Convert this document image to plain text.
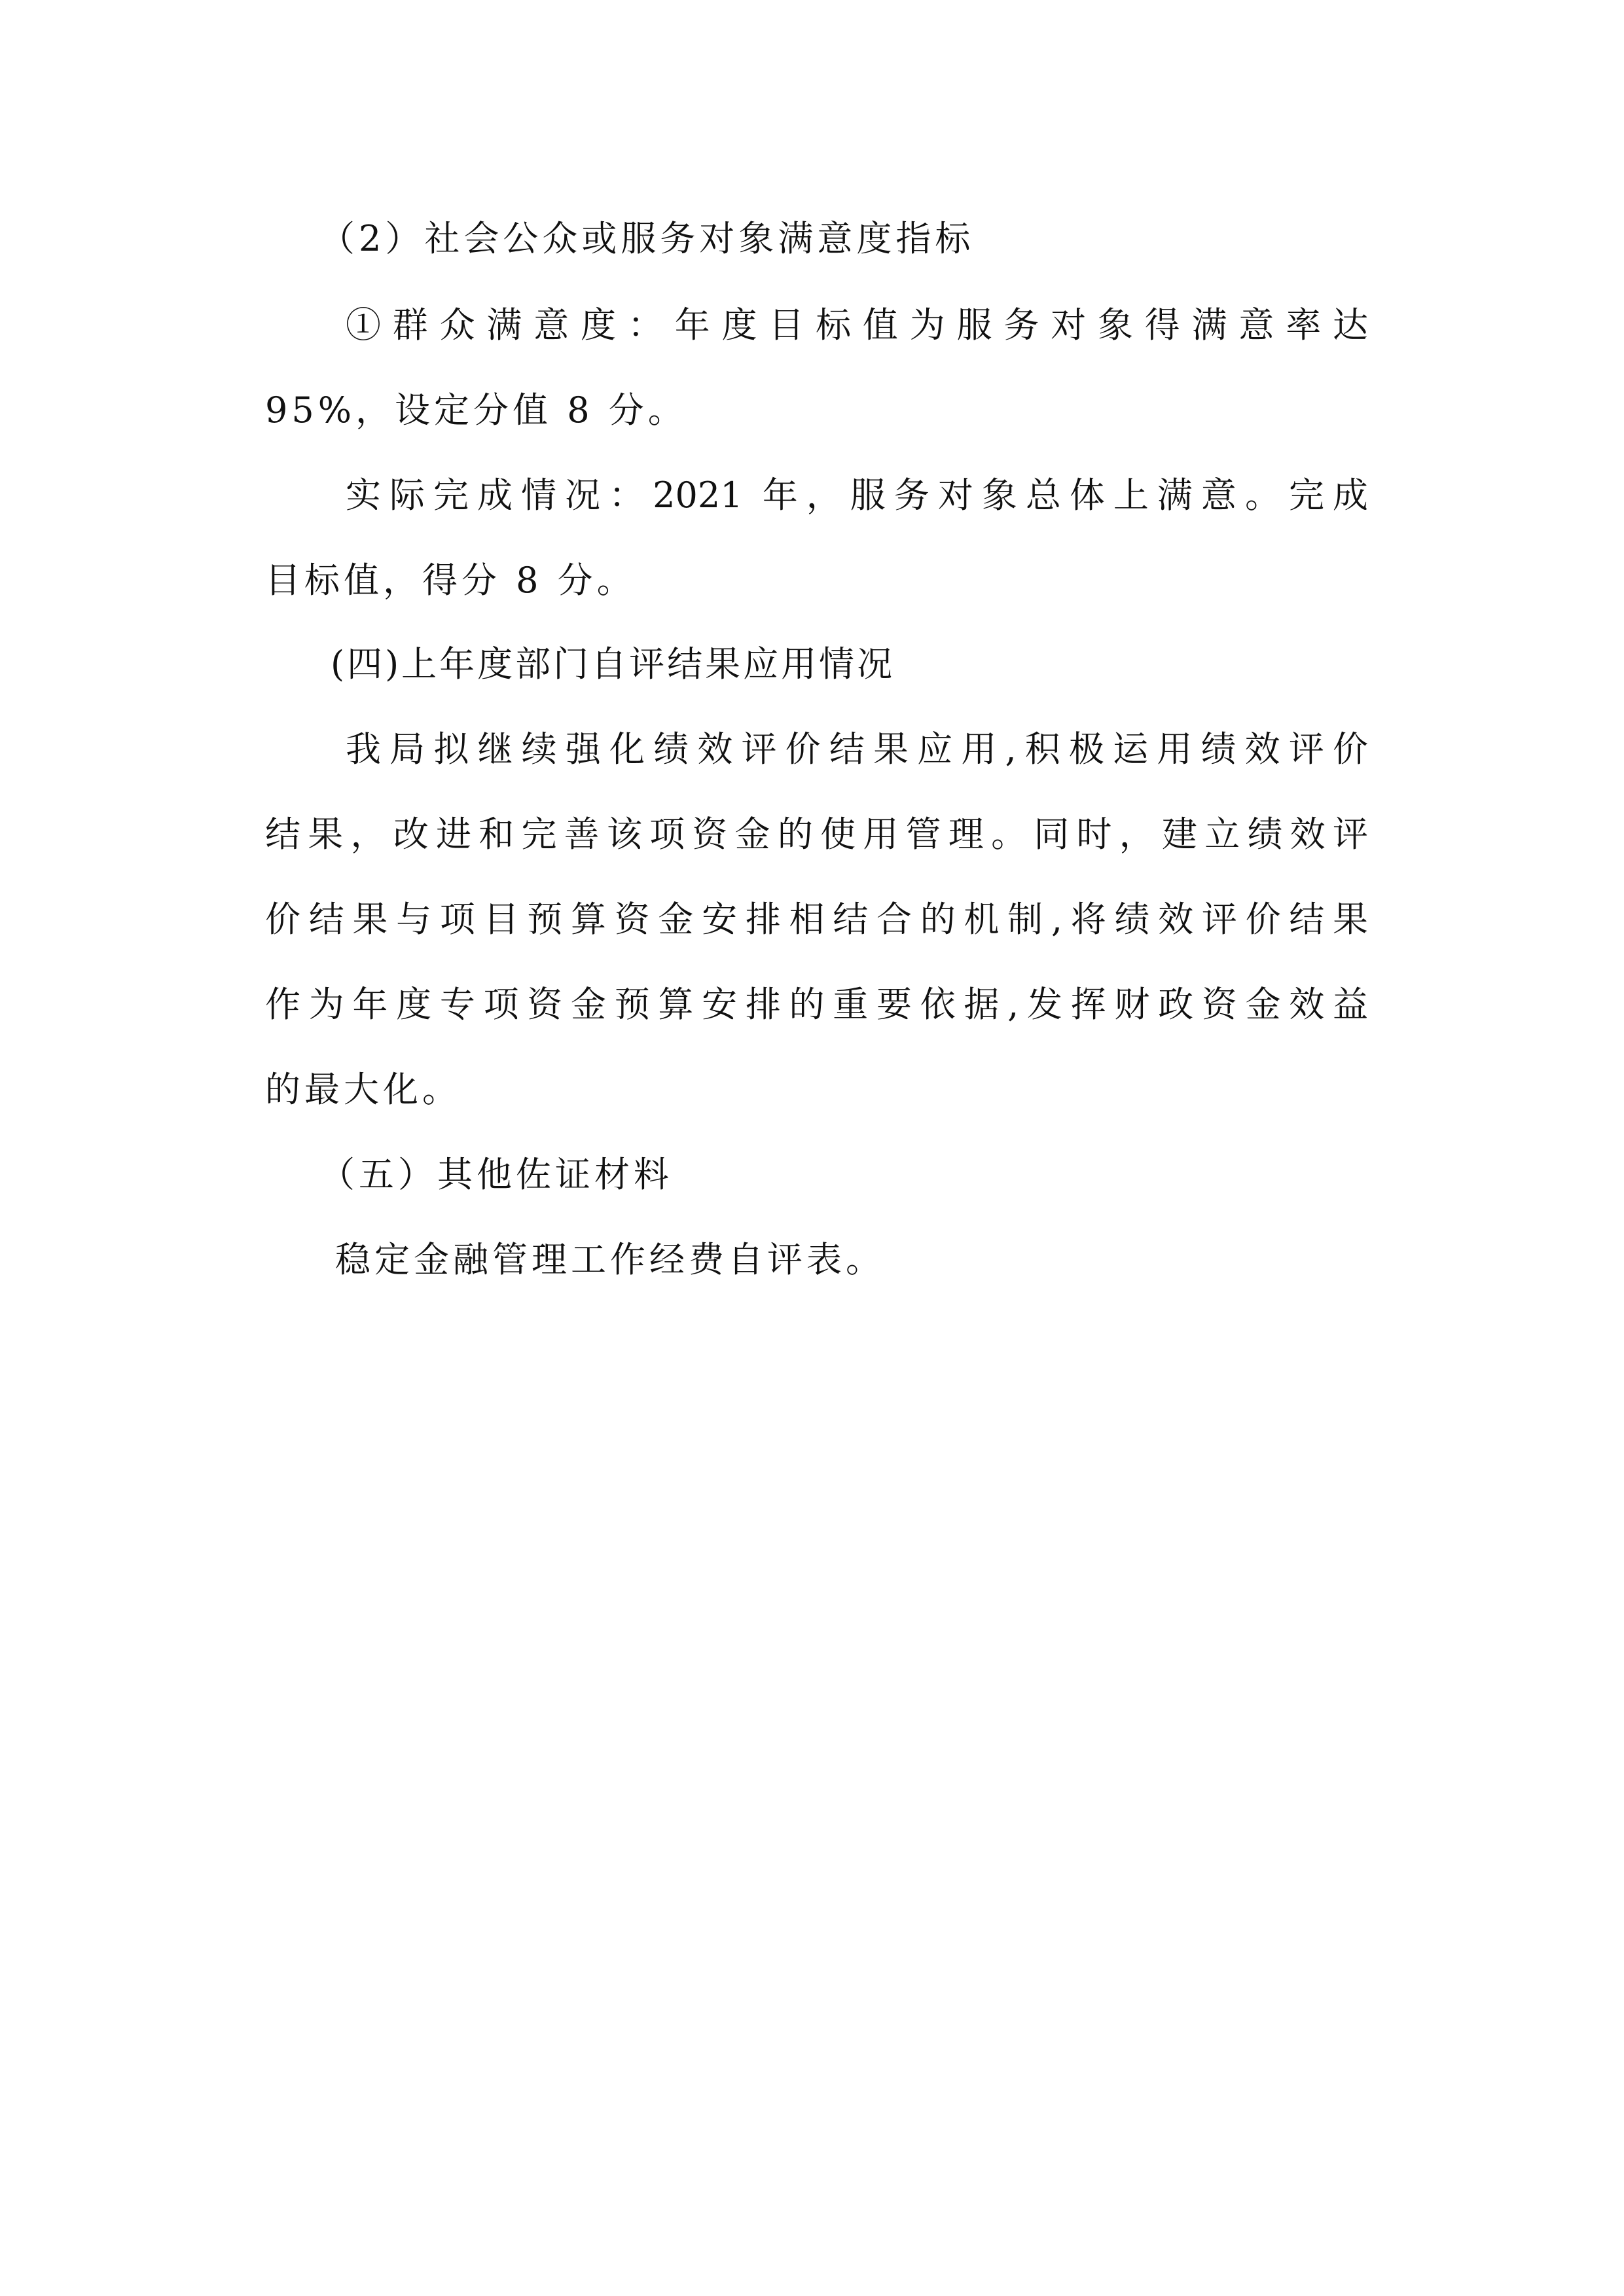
（2）社会公众或服务对象满意度指标
①群众满意度：年度目标值为服务对象得满意率达
95%，设定分值 8 分。
实际完成情况：2021 年，服务对象总体上满意。完成
目标值，得分 8 分。
(四)上年度部门自评结果应用情况
我局拟继续强化绩效评价结果应用,积极运用绩效评价
结果，改进和完善该项资金的使用管理。同时，建立绩效评
价结果与项目预算资金安排相结合的机制,将绩效评价结果
作为年度专项资金预算安排的重要依据,发挥财政资金效益
的最大化。
（五）其他佐证材料
稳定金融管理工作经费自评表。
